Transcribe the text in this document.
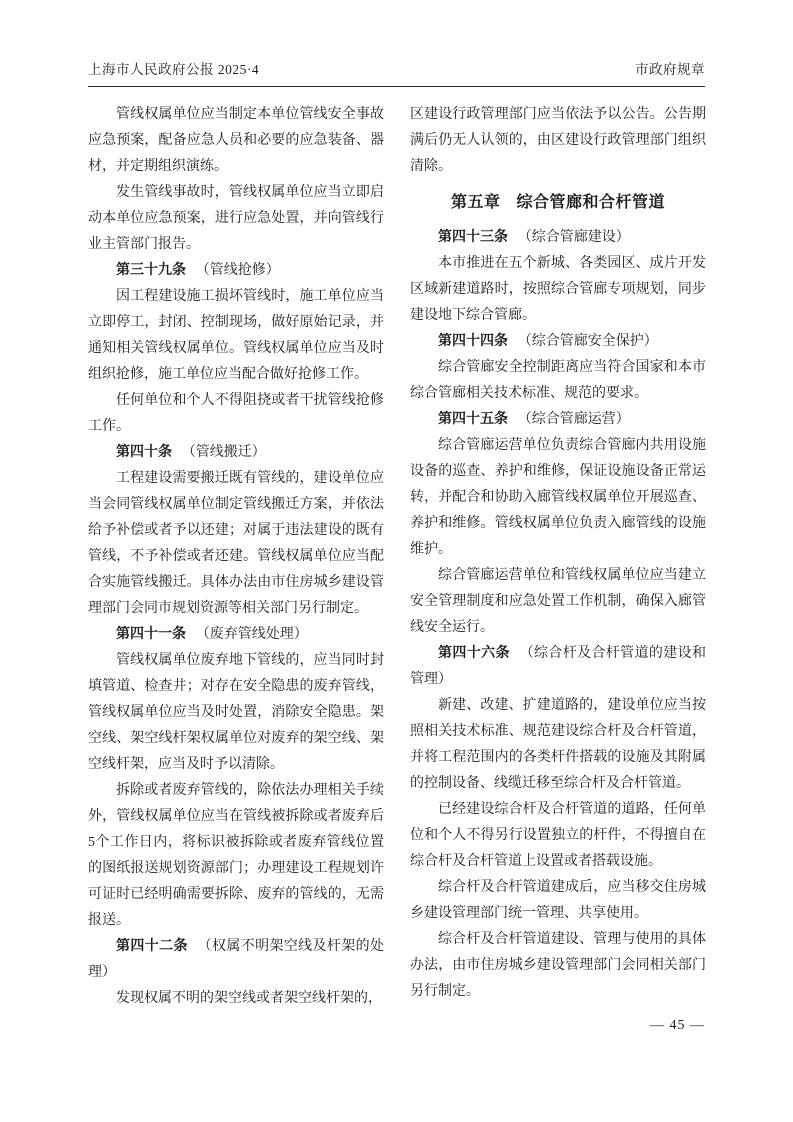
上海市人民政府公报 2025·4	市政府规章

管线权属单位应当制定本单位管线安全事故应急预案，配备应急人员和必要的应急装备、器材，并定期组织演练。

发生管线事故时，管线权属单位应当立即启动本单位应急预案，进行应急处置，并向管线行业主管部门报告。

第三十九条 （管线抢修）

因工程建设施工损坏管线时，施工单位应当立即停工，封闭、控制现场，做好原始记录，并通知相关管线权属单位。管线权属单位应当及时组织抢修，施工单位应当配合做好抢修工作。

任何单位和个人不得阻挠或者干扰管线抢修工作。

第四十条 （管线搬迁）

工程建设需要搬迁既有管线的，建设单位应当会同管线权属单位制定管线搬迁方案，并依法给予补偿或者予以还建；对属于违法建设的既有管线，不予补偿或者还建。管线权属单位应当配合实施管线搬迁。具体办法由市住房城乡建设管理部门会同市规划资源等相关部门另行制定。

第四十一条 （废弃管线处理）

管线权属单位废弃地下管线的，应当同时封填管道、检查井；对存在安全隐患的废弃管线，管线权属单位应当及时处置，消除安全隐患。架空线、架空线杆架权属单位对废弃的架空线、架空线杆架，应当及时予以清除。

拆除或者废弃管线的，除依法办理相关手续外，管线权属单位应当在管线被拆除或者废弃后5个工作日内，将标识被拆除或者废弃管线位置的图纸报送规划资源部门；办理建设工程规划许可证时已经明确需要拆除、废弃的管线的，无需报送。

第四十二条 （权属不明架空线及杆架的处理）

发现权属不明的架空线或者架空线杆架的，

区建设行政管理部门应当依法予以公告。公告期满后仍无人认领的，由区建设行政管理部门组织清除。

第五章 综合管廊和合杆管道

第四十三条 （综合管廊建设）

本市推进在五个新城、各类园区、成片开发区域新建道路时，按照综合管廊专项规划，同步建设地下综合管廊。

第四十四条 （综合管廊安全保护）

综合管廊安全控制距离应当符合国家和本市综合管廊相关技术标准、规范的要求。

第四十五条 （综合管廊运营）

综合管廊运营单位负责综合管廊内共用设施设备的巡查、养护和维修，保证设施设备正常运转，并配合和协助入廊管线权属单位开展巡查、养护和维修。管线权属单位负责入廊管线的设施维护。

综合管廊运营单位和管线权属单位应当建立安全管理制度和应急处置工作机制，确保入廊管线安全运行。

第四十六条 （综合杆及合杆管道的建设和管理）

新建、改建、扩建道路的，建设单位应当按照相关技术标准、规范建设综合杆及合杆管道，并将工程范围内的各类杆件搭载的设施及其附属的控制设备、线缆迁移至综合杆及合杆管道。

已经建设综合杆及合杆管道的道路，任何单位和个人不得另行设置独立的杆件，不得擅自在综合杆及合杆管道上设置或者搭载设施。

综合杆及合杆管道建成后，应当移交住房城乡建设管理部门统一管理、共享使用。

综合杆及合杆管道建设、管理与使用的具体办法，由市住房城乡建设管理部门会同相关部门另行制定。

— 45 —
